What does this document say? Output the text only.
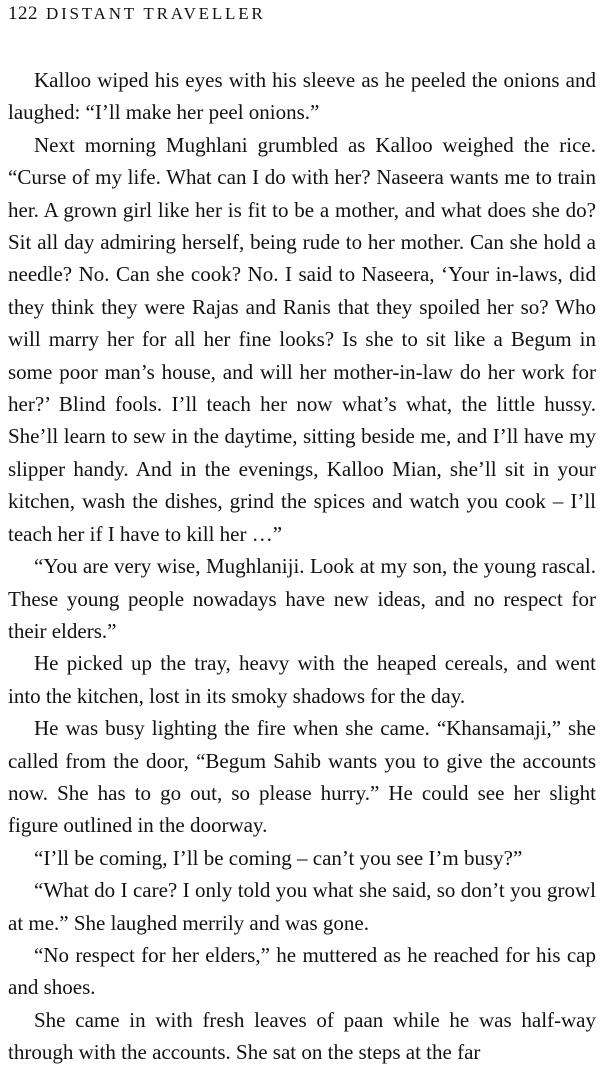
122 DISTANT TRAVELLER

Kalloo wiped his eyes with his sleeve as he peeled the onions and laughed: “I’ll make her peel onions.”

Next morning Mughlani grumbled as Kalloo weighed the rice. “Curse of my life. What can I do with her? Naseera wants me to train her. A grown girl like her is fit to be a mother, and what does she do? Sit all day admiring herself, being rude to her mother. Can she hold a needle? No. Can she cook? No. I said to Naseera, ‘Your in-laws, did they think they were Rajas and Ranis that they spoiled her so? Who will marry her for all her fine looks? Is she to sit like a Begum in some poor man’s house, and will her mother-in-law do her work for her?’ Blind fools. I’ll teach her now what’s what, the little hussy. She’ll learn to sew in the daytime, sitting beside me, and I’ll have my slipper handy. And in the evenings, Kalloo Mian, she’ll sit in your kitchen, wash the dishes, grind the spices and watch you cook – I’ll teach her if I have to kill her …”

“You are very wise, Mughlaniji. Look at my son, the young rascal. These young people nowadays have new ideas, and no respect for their elders.”

He picked up the tray, heavy with the heaped cereals, and went into the kitchen, lost in its smoky shadows for the day.

He was busy lighting the fire when she came. “Khansamaji,” she called from the door, “Begum Sahib wants you to give the accounts now. She has to go out, so please hurry.” He could see her slight figure outlined in the doorway.

“I’ll be coming, I’ll be coming – can’t you see I’m busy?”

“What do I care? I only told you what she said, so don’t you growl at me.” She laughed merrily and was gone.

“No respect for her elders,” he muttered as he reached for his cap and shoes.

She came in with fresh leaves of paan while he was half-way through with the accounts. She sat on the steps at the far
